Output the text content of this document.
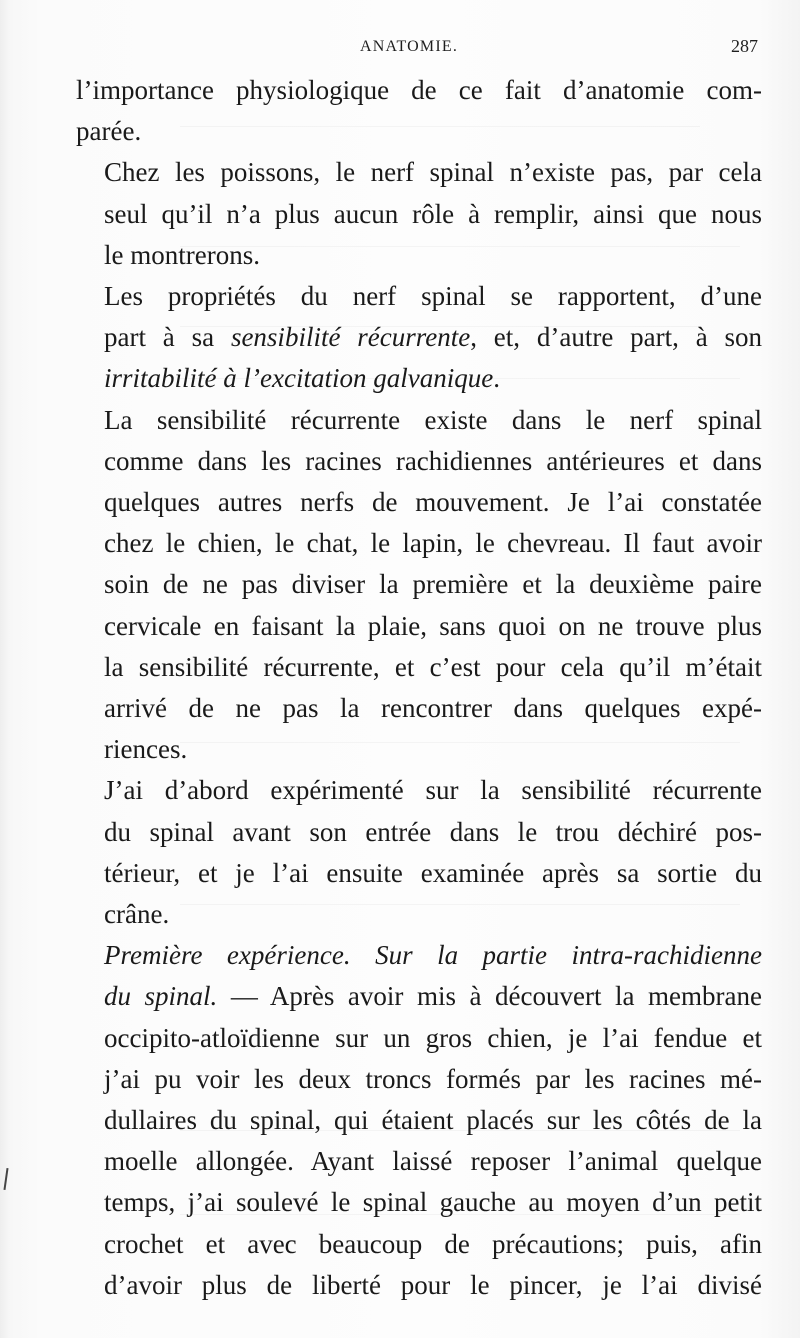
ANATOMIE.	287

l’importance physiologique de ce fait d’anatomie com-
parée.

Chez les poissons, le nerf spinal n’existe pas, par cela
seul qu’il n’a plus aucun rôle à remplir, ainsi que nous
le montrerons.

Les propriétés du nerf spinal se rapportent, d’une
part à sa sensibilité récurrente, et, d’autre part, à son
irritabilité à l’excitation galvanique.

La sensibilité récurrente existe dans le nerf spinal
comme dans les racines rachidiennes antérieures et dans
quelques autres nerfs de mouvement. Je l’ai constatée
chez le chien, le chat, le lapin, le chevreau. Il faut avoir
soin de ne pas diviser la première et la deuxième paire
cervicale en faisant la plaie, sans quoi on ne trouve plus
la sensibilité récurrente, et c’est pour cela qu’il m’était
arrivé de ne pas la rencontrer dans quelques expé-
riences.

J’ai d’abord expérimenté sur la sensibilité récurrente
du spinal avant son entrée dans le trou déchiré pos-
térieur, et je l’ai ensuite examinée après sa sortie du
crâne.

Première expérience. Sur la partie intra-rachidienne
du spinal. — Après avoir mis à découvert la membrane
occipito-atloïdienne sur un gros chien, je l’ai fendue et
j’ai pu voir les deux troncs formés par les racines mé-
dullaires du spinal, qui étaient placés sur les côtés de la
moelle allongée. Ayant laissé reposer l’animal quelque
temps, j’ai soulevé le spinal gauche au moyen d’un petit
crochet et avec beaucoup de précautions; puis, afin
d’avoir plus de liberté pour le pincer, je l’ai divisé
